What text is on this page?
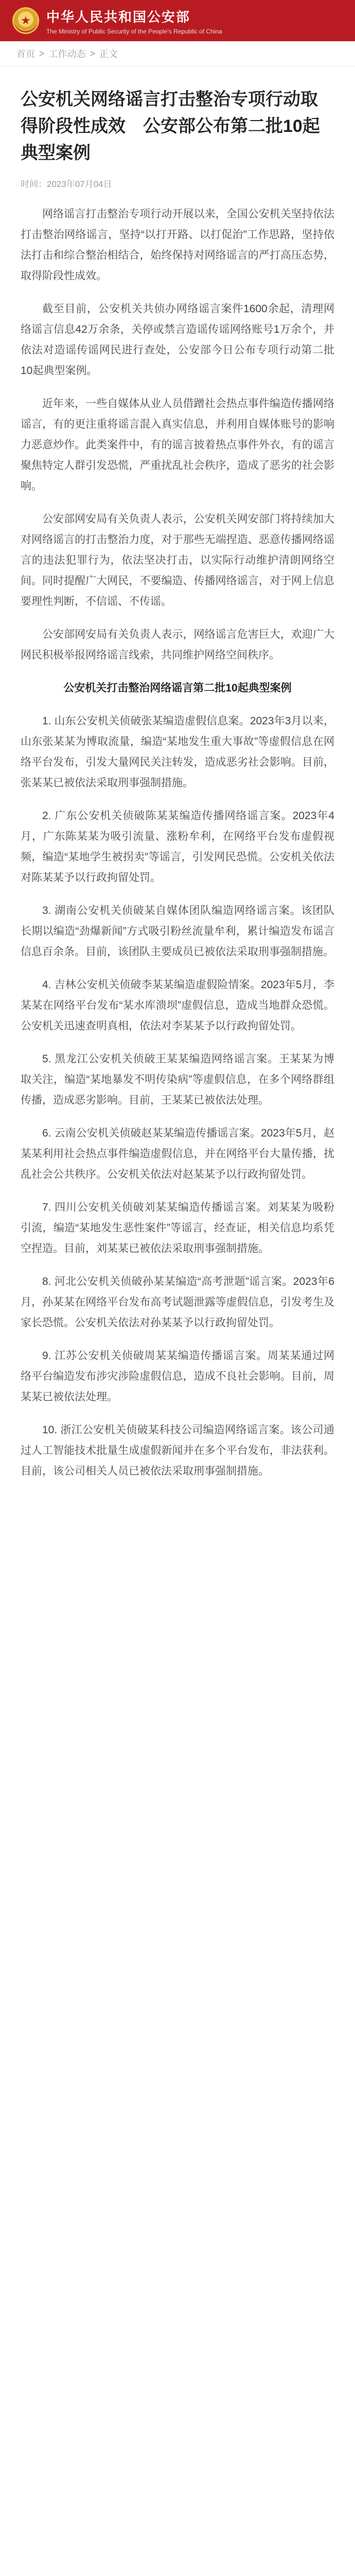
★ 中华人民共和国公安部
The Ministry of Public Security of the People's Republic of China
首页 > 工作动态 > 正文
公安机关网络谣言打击整治专项行动取得阶段性成效　公安部公布第二批10起典型案例
时间：2023年07月04日

网络谣言打击整治专项行动开展以来，全国公安机关坚持依法打击整治网络谣言，坚持“以打开路、以打促治”工作思路，坚持依法打击和综合整治相结合，始终保持对网络谣言的严打高压态势，取得阶段性成效。

截至目前，公安机关共侦办网络谣言案件1600余起，清理网络谣言信息42万余条，关停或禁言造谣传谣网络账号1万余个，并依法对造谣传谣网民进行查处，公安部今日公布专项行动第二批10起典型案例。

近年来，一些自媒体从业人员借蹭社会热点事件编造传播网络谣言，有的更注重将谣言混入真实信息，并利用自媒体账号的影响力恶意炒作。此类案件中，有的谣言披着热点事件外衣，有的谣言聚焦特定人群引发恐慌，严重扰乱社会秩序，造成了恶劣的社会影响。

公安部网安局有关负责人表示，公安机关网安部门将持续加大对网络谣言的打击整治力度，对于那些无端捏造、恶意传播网络谣言的违法犯罪行为，依法坚决打击，以实际行动维护清朗网络空间。同时提醒广大网民，不要编造、传播网络谣言，对于网上信息要理性判断，不信谣、不传谣。

公安部网安局有关负责人表示，网络谣言危害巨大，欢迎广大网民积极举报网络谣言线索，共同维护网络空间秩序。

公安机关打击整治网络谣言第二批10起典型案例

1. 山东公安机关侦破张某编造虚假信息案。2023年3月以来，山东张某某为博取流量，编造“某地发生重大事故”等虚假信息在网络平台发布，引发大量网民关注转发，造成恶劣社会影响。目前，张某某已被依法采取刑事强制措施。

2. 广东公安机关侦破陈某某编造传播网络谣言案。2023年4月，广东陈某某为吸引流量、涨粉牟利，在网络平台发布虚假视频，编造“某地学生被拐卖”等谣言，引发网民恐慌。公安机关依法对陈某某予以行政拘留处罚。

3. 湖南公安机关侦破某自媒体团队编造网络谣言案。该团队长期以编造“劲爆新闻”方式吸引粉丝流量牟利，累计编造发布谣言信息百余条。目前，该团队主要成员已被依法采取刑事强制措施。

4. 吉林公安机关侦破李某某编造虚假险情案。2023年5月，李某某在网络平台发布“某水库溃坝”虚假信息，造成当地群众恐慌。公安机关迅速查明真相，依法对李某某予以行政拘留处罚。

5. 黑龙江公安机关侦破王某某编造网络谣言案。王某某为博取关注，编造“某地暴发不明传染病”等虚假信息，在多个网络群组传播，造成恶劣影响。目前，王某某已被依法处理。

6. 云南公安机关侦破赵某某编造传播谣言案。2023年5月，赵某某利用社会热点事件编造虚假信息，并在网络平台大量传播，扰乱社会公共秩序。公安机关依法对赵某某予以行政拘留处罚。

7. 四川公安机关侦破刘某某编造传播谣言案。刘某某为吸粉引流，编造“某地发生恶性案件”等谣言，经查证，相关信息均系凭空捏造。目前，刘某某已被依法采取刑事强制措施。

8. 河北公安机关侦破孙某某编造“高考泄题”谣言案。2023年6月，孙某某在网络平台发布高考试题泄露等虚假信息，引发考生及家长恐慌。公安机关依法对孙某某予以行政拘留处罚。

9. 江苏公安机关侦破周某某编造传播谣言案。周某某通过网络平台编造发布涉灾涉险虚假信息，造成不良社会影响。目前，周某某已被依法处理。

10. 浙江公安机关侦破某科技公司编造网络谣言案。该公司通过人工智能技术批量生成虚假新闻并在多个平台发布，非法获利。目前，该公司相关人员已被依法采取刑事强制措施。
